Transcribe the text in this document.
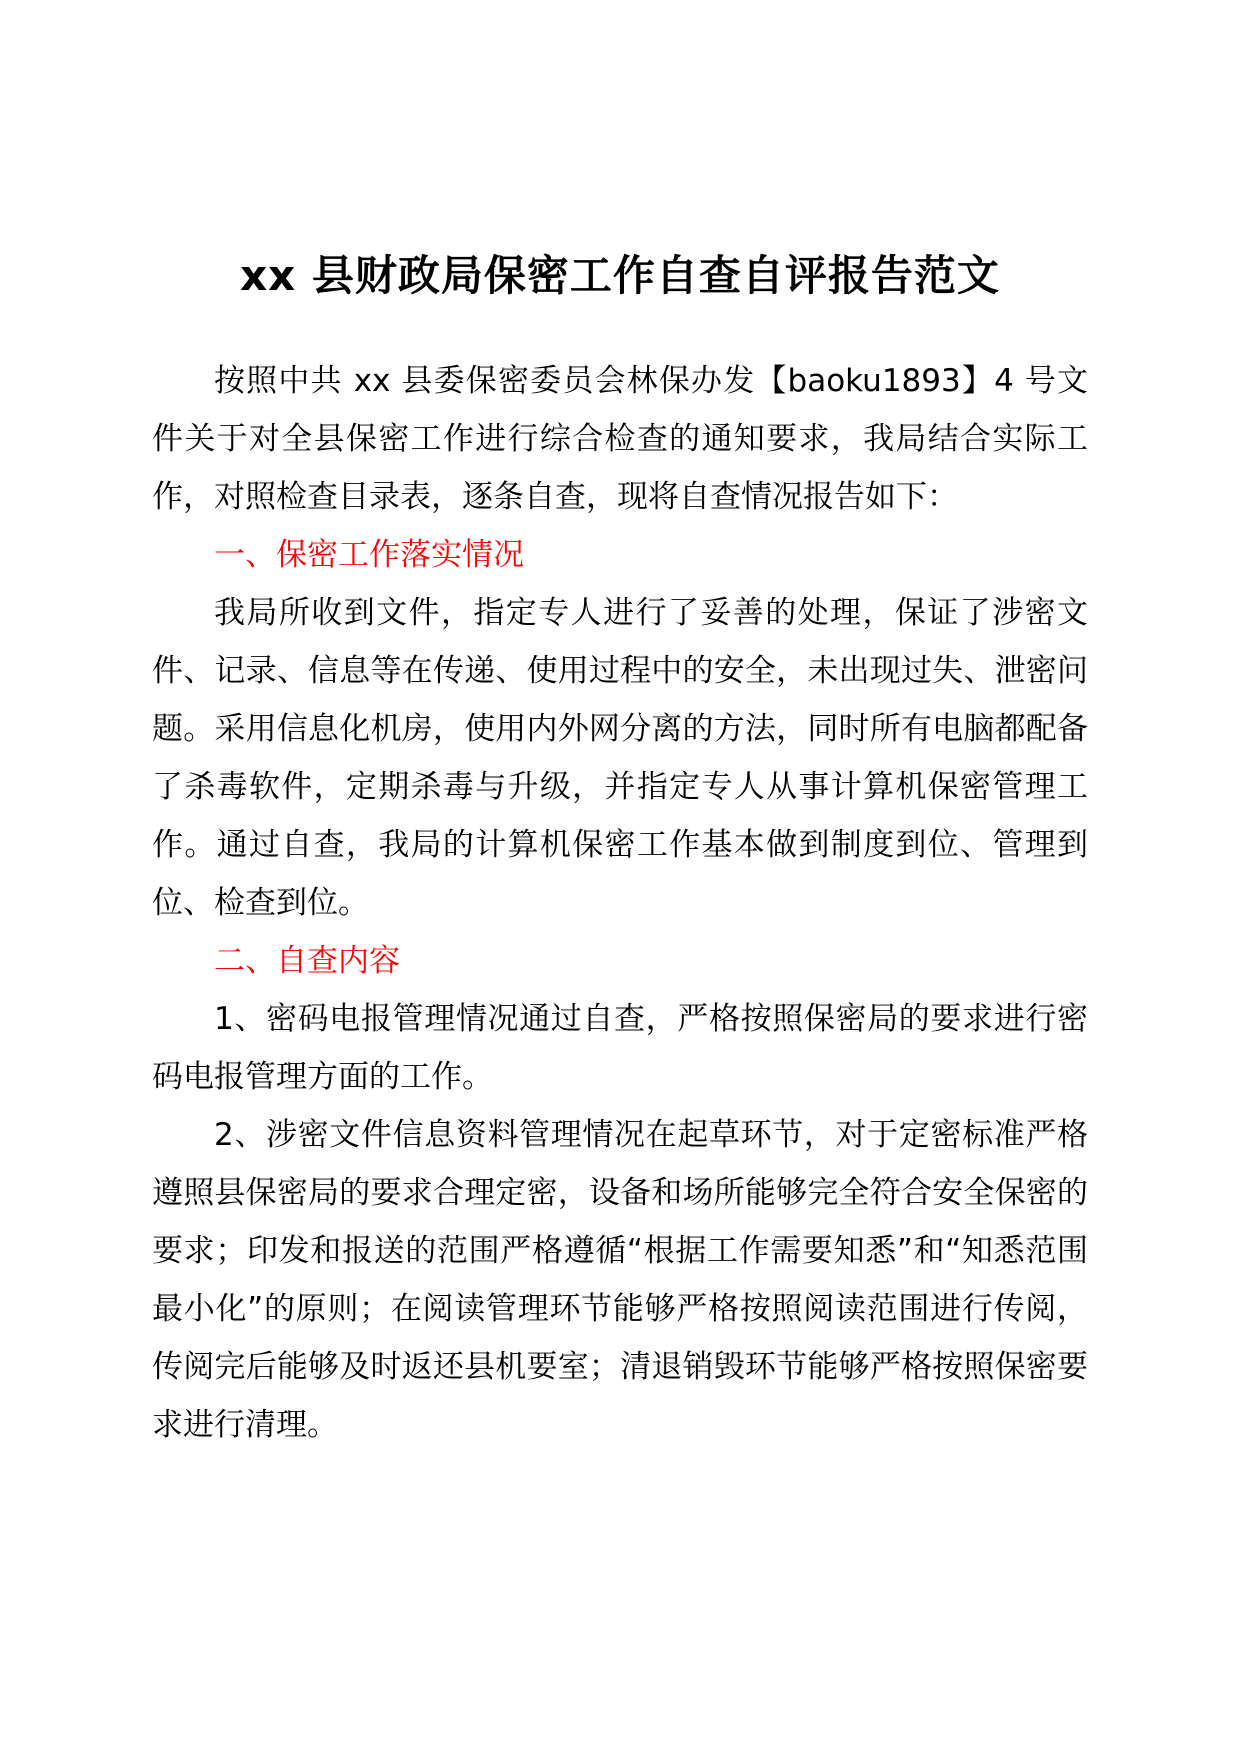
xx 县财政局保密工作自查自评报告范文

按照中共 xx 县委保密委员会林保办发【baoku1893】4 号文件关于对全县保密工作进行综合检查的通知要求，我局结合实际工作，对照检查目录表，逐条自查，现将自查情况报告如下：

一、保密工作落实情况

我局所收到文件，指定专人进行了妥善的处理，保证了涉密文件、记录、信息等在传递、使用过程中的安全，未出现过失、泄密问题。采用信息化机房，使用内外网分离的方法，同时所有电脑都配备了杀毒软件，定期杀毒与升级，并指定专人从事计算机保密管理工作。通过自查，我局的计算机保密工作基本做到制度到位、管理到位、检查到位。

二、自查内容

1、密码电报管理情况通过自查，严格按照保密局的要求进行密码电报管理方面的工作。

2、涉密文件信息资料管理情况在起草环节，对于定密标准严格遵照县保密局的要求合理定密，设备和场所能够完全符合安全保密的要求；印发和报送的范围严格遵循“根据工作需要知悉”和“知悉范围最小化”的原则；在阅读管理环节能够严格按照阅读范围进行传阅，传阅完后能够及时返还县机要室；清退销毁环节能够严格按照保密要求进行清理。
